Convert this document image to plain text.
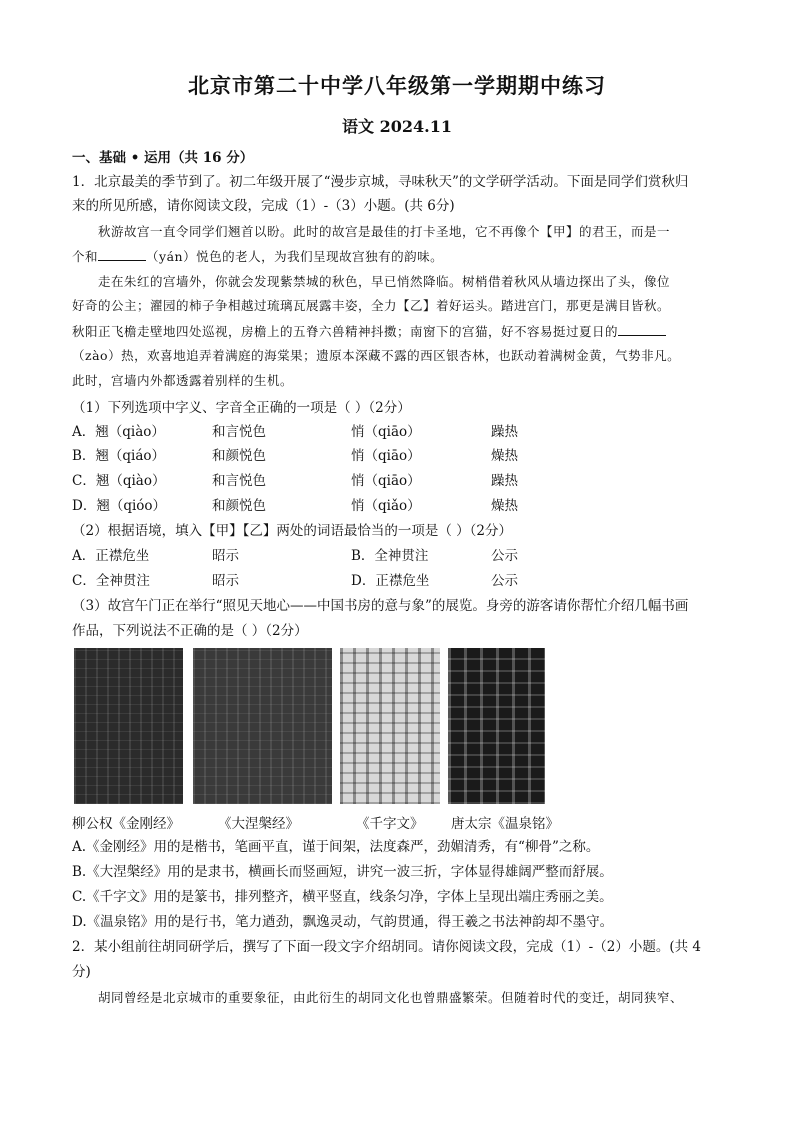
北京市第二十中学八年级第一学期期中练习
语文 2024.11
一、基础 • 运用（共 16 分）
1．北京最美的季节到了。初二年级开展了“漫步京城，寻味秋天”的文学研学活动。下面是同学们赏秋归
来的所见所感，请你阅读文段，完成（1）-（3）小题。(共 6分)
秋游故宫一直令同学们翘首以盼。此时的故宫是最佳的打卡圣地，它不再像个【甲】的君王，而是一
个和	（yán）悦色的老人，为我们呈现故宫独有的韵味。
走在朱红的宫墙外，你就会发现紫禁城的秋色，早已悄然降临。树梢借着秋风从墙边探出了头，像位
好奇的公主；濯园的柿子争相越过琉璃瓦展露丰姿，全力【乙】着好运头。踏进宫门，那更是满目皆秋。
秋阳正飞檐走壁地四处巡视，房檐上的五脊六兽精神抖擞；南窗下的宫猫，好不容易挺过夏日的
（zào）热，欢喜地追弄着满庭的海棠果；遗原本深藏不露的西区银杏林，也跃动着满树金黄，气势非凡。
此时，宫墙内外都透露着别样的生机。
（1）下列选项中字义、字音全正确的一项是（ ）（2分）
A．翘（qiào）	和言悦色	悄（qiāo）	躁热
B．翘（qiáo）	和颜悦色	悄（qiāo）	燥热
C．翘（qiào）	和言悦色	悄（qiāo）	躁热
D．翘（qióo）	和颜悦色	悄（qiǎo）	燥热
（2）根据语境，填入【甲】【乙】两处的词语最恰当的一项是（ ）（2分）
A．正襟危坐	昭示	B．全神贯注	公示
C．全神贯注	昭示	D．正襟危坐	公示
（3）故宫午门正在举行“照见天地心——中国书房的意与象”的展览。身旁的游客请你帮忙介绍几幅书画
作品，下列说法不正确的是（ ）（2分）
柳公权《金刚经》	《大涅槃经》	《千字文》 唐太宗《温泉铭》
A.《金刚经》用的是楷书，笔画平直，谨于间架，法度森严，劲媚清秀，有“柳骨”之称。
B.《大涅槃经》用的是隶书，横画长而竖画短，讲究一波三折，字体显得雄阔严整而舒展。
C.《千字文》用的是篆书，排列整齐，横平竖直，线条匀净，字体上呈现出端庄秀丽之美。
D.《温泉铭》用的是行书，笔力遒劲，飘逸灵动，气韵贯通，得王羲之书法神韵却不墨守。
2．某小组前往胡同研学后，撰写了下面一段文字介绍胡同。请你阅读文段，完成（1）-（2）小题。(共 4
分)
胡同曾经是北京城市的重要象征，由此衍生的胡同文化也曾鼎盛繁荣。但随着时代的变迁，胡同狭窄、
